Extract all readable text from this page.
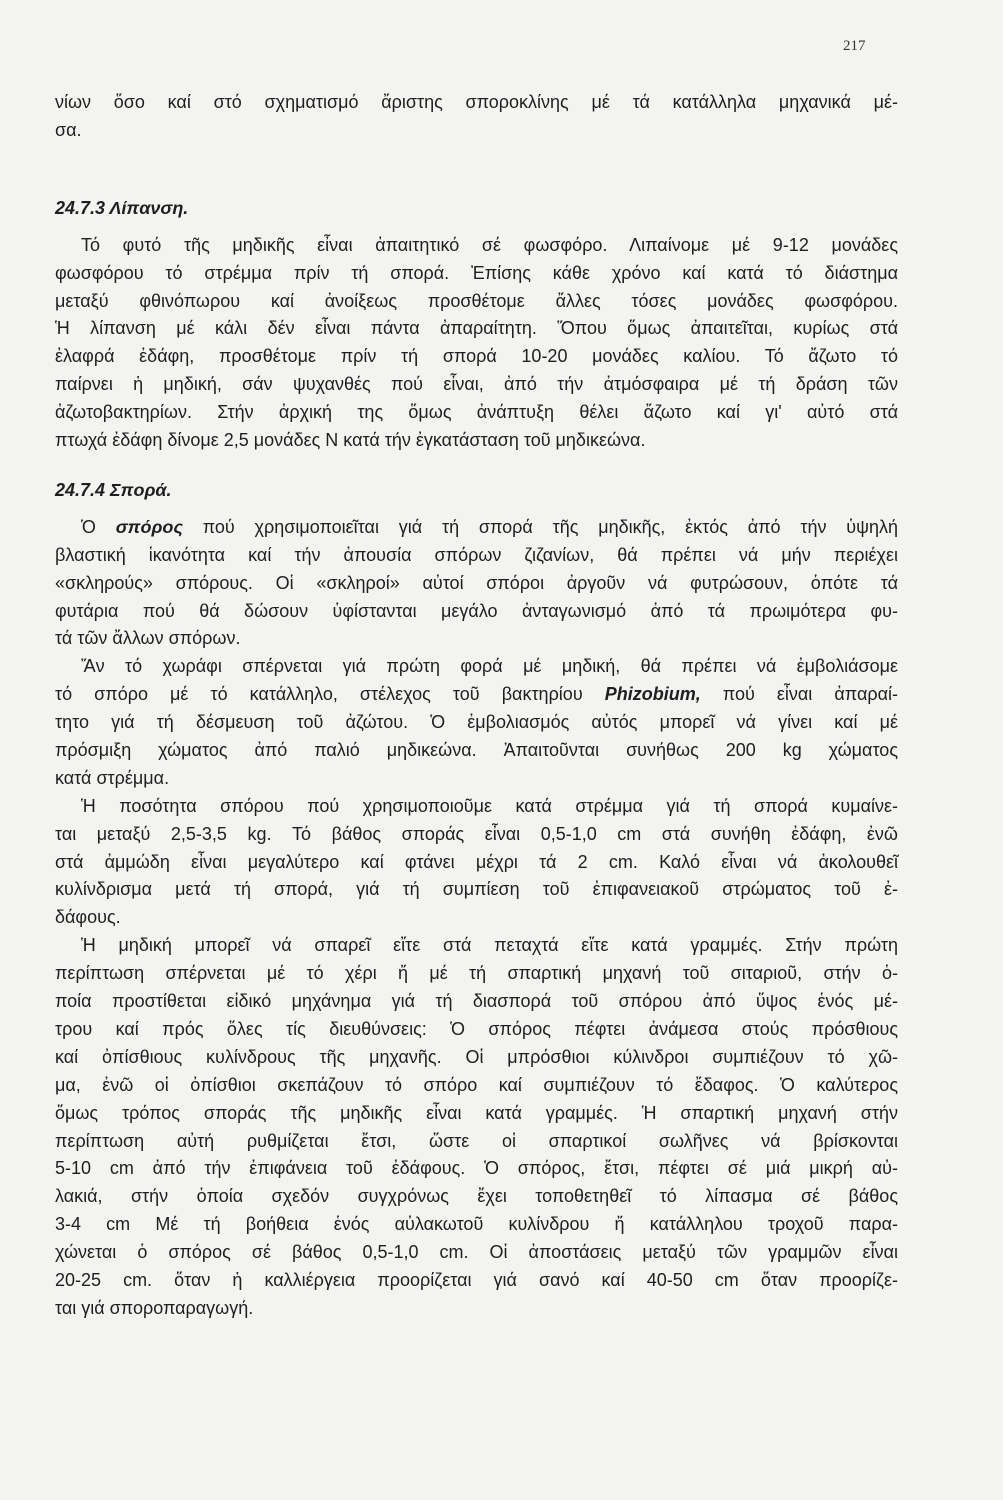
217
νίων ὅσο καί στό σχηματισμό ἄριστης σποροκλίνης μέ τά κατάλληλα μηχανικά μέ-
σα.
24.7.3 Λίπανση.
Τό φυτό τῆς μηδικῆς εἶναι ἀπαιτητικό σέ φωσφόρο. Λιπαίνομε μέ 9-12 μονάδες
φωσφόρου τό στρέμμα πρίν τή σπορά. Ἐπίσης κάθε χρόνο καί κατά τό διάστημα
μεταξύ φθινόπωρου καί ἀνοίξεως προσθέτομε ἄλλες τόσες μονάδες φωσφόρου.
Ἡ λίπανση μέ κάλι δέν εἶναι πάντα ἀπαραίτητη. Ὅπου ὅμως ἀπαιτεῖται, κυρίως στά
ἐλαφρά ἐδάφη, προσθέτομε πρίν τή σπορά 10-20 μονάδες καλίου. Τό ἄζωτο τό
παίρνει ἡ μηδική, σάν ψυχανθές πού εἶναι, ἀπό τήν ἀτμόσφαιρα μέ τή δράση τῶν
ἀζωτοβακτηρίων. Στήν ἀρχική της ὅμως ἀνάπτυξη θέλει ἄζωτο καί γι' αὐτό στά
πτωχά ἐδάφη δίνομε 2,5 μονάδες Ν κατά τήν ἐγκατάσταση τοῦ μηδικεώνα.
24.7.4 Σπορά.
Ὁ σπόρος πού χρησιμοποιεῖται γιά τή σπορά τῆς μηδικῆς, ἐκτός ἀπό τήν ὑψηλή
βλαστική ἱκανότητα καί τήν ἀπουσία σπόρων ζιζανίων, θά πρέπει νά μήν περιέχει
«σκληρούς» σπόρους. Οἱ «σκληροί» αὐτοί σπόροι ἀργοῦν νά φυτρώσουν, ὁπότε τά
φυτάρια πού θά δώσουν ὑφίστανται μεγάλο ἀνταγωνισμό ἀπό τά πρωιμότερα φυ-
τά τῶν ἄλλων σπόρων.
Ἄν τό χωράφι σπέρνεται γιά πρώτη φορά μέ μηδική, θά πρέπει νά ἐμβολιάσομε
τό σπόρο μέ τό κατάλληλο, στέλεχος τοῦ βακτηρίου Phizobium, πού εἶναι ἀπαραί-
τητο γιά τή δέσμευση τοῦ ἀζώτου. Ὁ ἐμβολιασμός αὐτός μπορεῖ νά γίνει καί μέ
πρόσμιξη χώματος ἀπό παλιό μηδικεώνα. Ἀπαιτοῦνται συνήθως 200 kg χώματος
κατά στρέμμα.
Ἡ ποσότητα σπόρου πού χρησιμοποιοῦμε κατά στρέμμα γιά τή σπορά κυμαίνε-
ται μεταξύ 2,5-3,5 kg. Τό βάθος σποράς εἶναι 0,5-1,0 cm στά συνήθη ἐδάφη, ἐνῶ
στά ἀμμώδη εἶναι μεγαλύτερο καί φτάνει μέχρι τά 2 cm. Καλό εἶναι νά ἀκολουθεῖ
κυλίνδρισμα μετά τή σπορά, γιά τή συμπίεση τοῦ ἐπιφανειακοῦ στρώματος τοῦ ἐ-
δάφους.
Ἡ μηδική μπορεῖ νά σπαρεῖ εἴτε στά πεταχτά εἴτε κατά γραμμές. Στήν πρώτη
περίπτωση σπέρνεται μέ τό χέρι ἤ μέ τή σπαρτική μηχανή τοῦ σιταριοῦ, στήν ὁ-
ποία προστίθεται εἰδικό μηχάνημα γιά τή διασπορά τοῦ σπόρου ἀπό ὕψος ἑνός μέ-
τρου καί πρός ὅλες τίς διευθύνσεις: Ὁ σπόρος πέφτει ἀνάμεσα στούς πρόσθιους
καί ὀπίσθιους κυλίνδρους τῆς μηχανῆς. Οἱ μπρόσθιοι κύλινδροι συμπιέζουν τό χῶ-
μα, ἐνῶ οἱ ὀπίσθιοι σκεπάζουν τό σπόρο καί συμπιέζουν τό ἔδαφος. Ὁ καλύτερος
ὅμως τρόπος σποράς τῆς μηδικῆς εἶναι κατά γραμμές. Ἡ σπαρτική μηχανή στήν
περίπτωση αὐτή ρυθμίζεται ἔτσι, ὥστε οἱ σπαρτικοί σωλῆνες νά βρίσκονται
5-10 cm ἀπό τήν ἐπιφάνεια τοῦ ἐδάφους. Ὁ σπόρος, ἔτσι, πέφτει σέ μιά μικρή αὐ-
λακιά, στήν ὁποία σχεδόν συγχρόνως ἔχει τοποθετηθεῖ τό λίπασμα σέ βάθος
3-4 cm Μέ τή βοήθεια ἑνός αὐλακωτοῦ κυλίνδρου ἤ κατάλληλου τροχοῦ παρα-
χώνεται ὁ σπόρος σέ βάθος 0,5-1,0 cm. Οἱ ἀποστάσεις μεταξύ τῶν γραμμῶν εἶναι
20-25 cm. ὅταν ἡ καλλιέργεια προορίζεται γιά σανό καί 40-50 cm ὅταν προορίζε-
ται γιά σποροπαραγωγή.
